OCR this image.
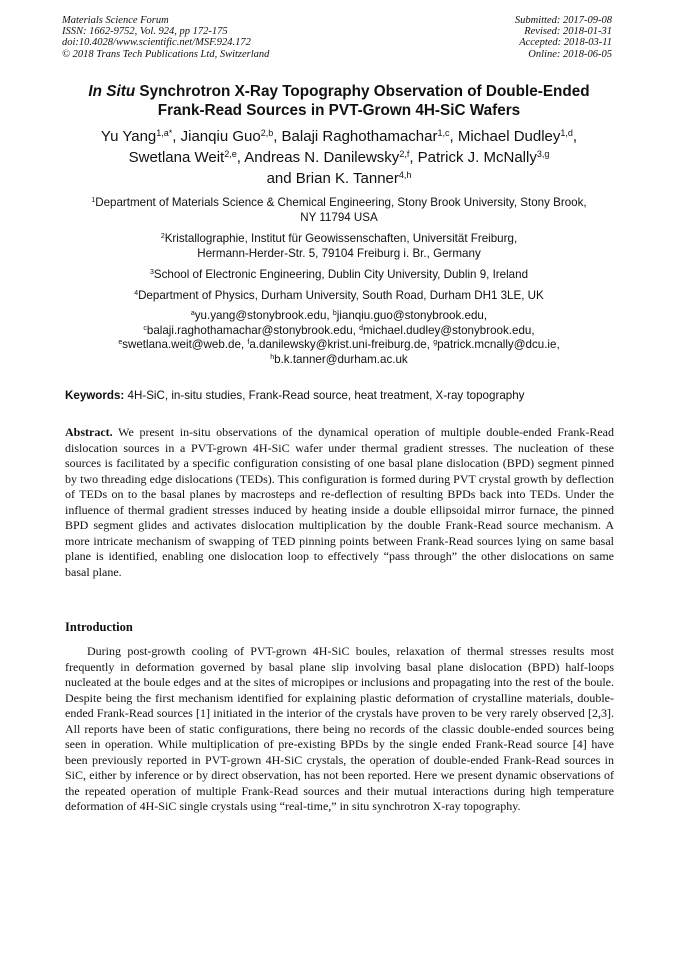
Materials Science Forum
ISSN: 1662-9752, Vol. 924, pp 172-175
doi:10.4028/www.scientific.net/MSF.924.172
© 2018 Trans Tech Publications Ltd, Switzerland
Submitted: 2017-09-08
Revised: 2018-01-31
Accepted: 2018-03-11
Online: 2018-06-05
In Situ Synchrotron X-Ray Topography Observation of Double-Ended
Frank-Read Sources in PVT-Grown 4H-SiC Wafers
Yu Yang$^{1,a*}$, Jianqiu Guo$^{2,b}$, Balaji Raghothamachar$^{1,c}$, Michael Dudley$^{1,d}$,
Swetlana Weit$^{2,e}$, Andreas N. Danilewsky$^{2,f}$, Patrick J. McNally$^{3,g}$
and Brian K. Tanner$^{4,h}$
$^1$Department of Materials Science & Chemical Engineering, Stony Brook University, Stony Brook,
NY 11794 USA
$^2$Kristallographie, Institut für Geowissenschaften, Universität Freiburg,
Hermann-Herder-Str. 5, 79104 Freiburg i. Br., Germany
$^3$School of Electronic Engineering, Dublin City University, Dublin 9, Ireland
$^4$Department of Physics, Durham University, South Road, Durham DH1 3LE, UK
$^a$yu.yang@stonybrook.edu, $^b$jianqiu.guo@stonybrook.edu,
$^c$balaji.raghothamachar@stonybrook.edu, $^d$michael.dudley@stonybrook.edu,
$^e$swetlana.weit@web.de, $^f$a.danilewsky@krist.uni-freiburg.de, $^g$patrick.mcnally@dcu.ie,
$^h$b.k.tanner@durham.ac.uk
Keywords: 4H-SiC, in-situ studies, Frank-Read source, heat treatment, X-ray topography
Abstract. We present in-situ observations of the dynamical operation of multiple double-ended Frank-Read dislocation sources in a PVT-grown 4H-SiC wafer under thermal gradient stresses. The nucleation of these sources is facilitated by a specific configuration consisting of one basal plane dislocation (BPD) segment pinned by two threading edge dislocations (TEDs). This configuration is formed during PVT crystal growth by deflection of TEDs on to the basal planes by macrosteps and re-deflection of resulting BPDs back into TEDs. Under the influence of thermal gradient stresses induced by heating inside a double ellipsoidal mirror furnace, the pinned BPD segment glides and activates dislocation multiplication by the double Frank-Read source mechanism. A more intricate mechanism of swapping of TED pinning points between Frank-Read sources lying on same basal plane is identified, enabling one dislocation loop to effectively “pass through” the other dislocations on same basal plane.
Introduction
During post-growth cooling of PVT-grown 4H-SiC boules, relaxation of thermal stresses results most frequently in deformation governed by basal plane slip involving basal plane dislocation (BPD) half-loops nucleated at the boule edges and at the sites of micropipes or inclusions and propagating into the rest of the boule. Despite being the first mechanism identified for explaining plastic deformation of crystalline materials, double-ended Frank-Read sources [1] initiated in the interior of the crystals have proven to be very rarely observed [2,3]. All reports have been of static configurations, there being no records of the classic double-ended sources being seen in operation. While multiplication of pre-existing BPDs by the single ended Frank-Read source [4] have been previously reported in PVT-grown 4H-SiC crystals, the operation of double-ended Frank-Read sources in SiC, either by inference or by direct observation, has not been reported. Here we present dynamic observations of the repeated operation of multiple Frank-Read sources and their mutual interactions during high temperature deformation of 4H-SiC single crystals using “real-time,” in situ synchrotron X-ray topography.
